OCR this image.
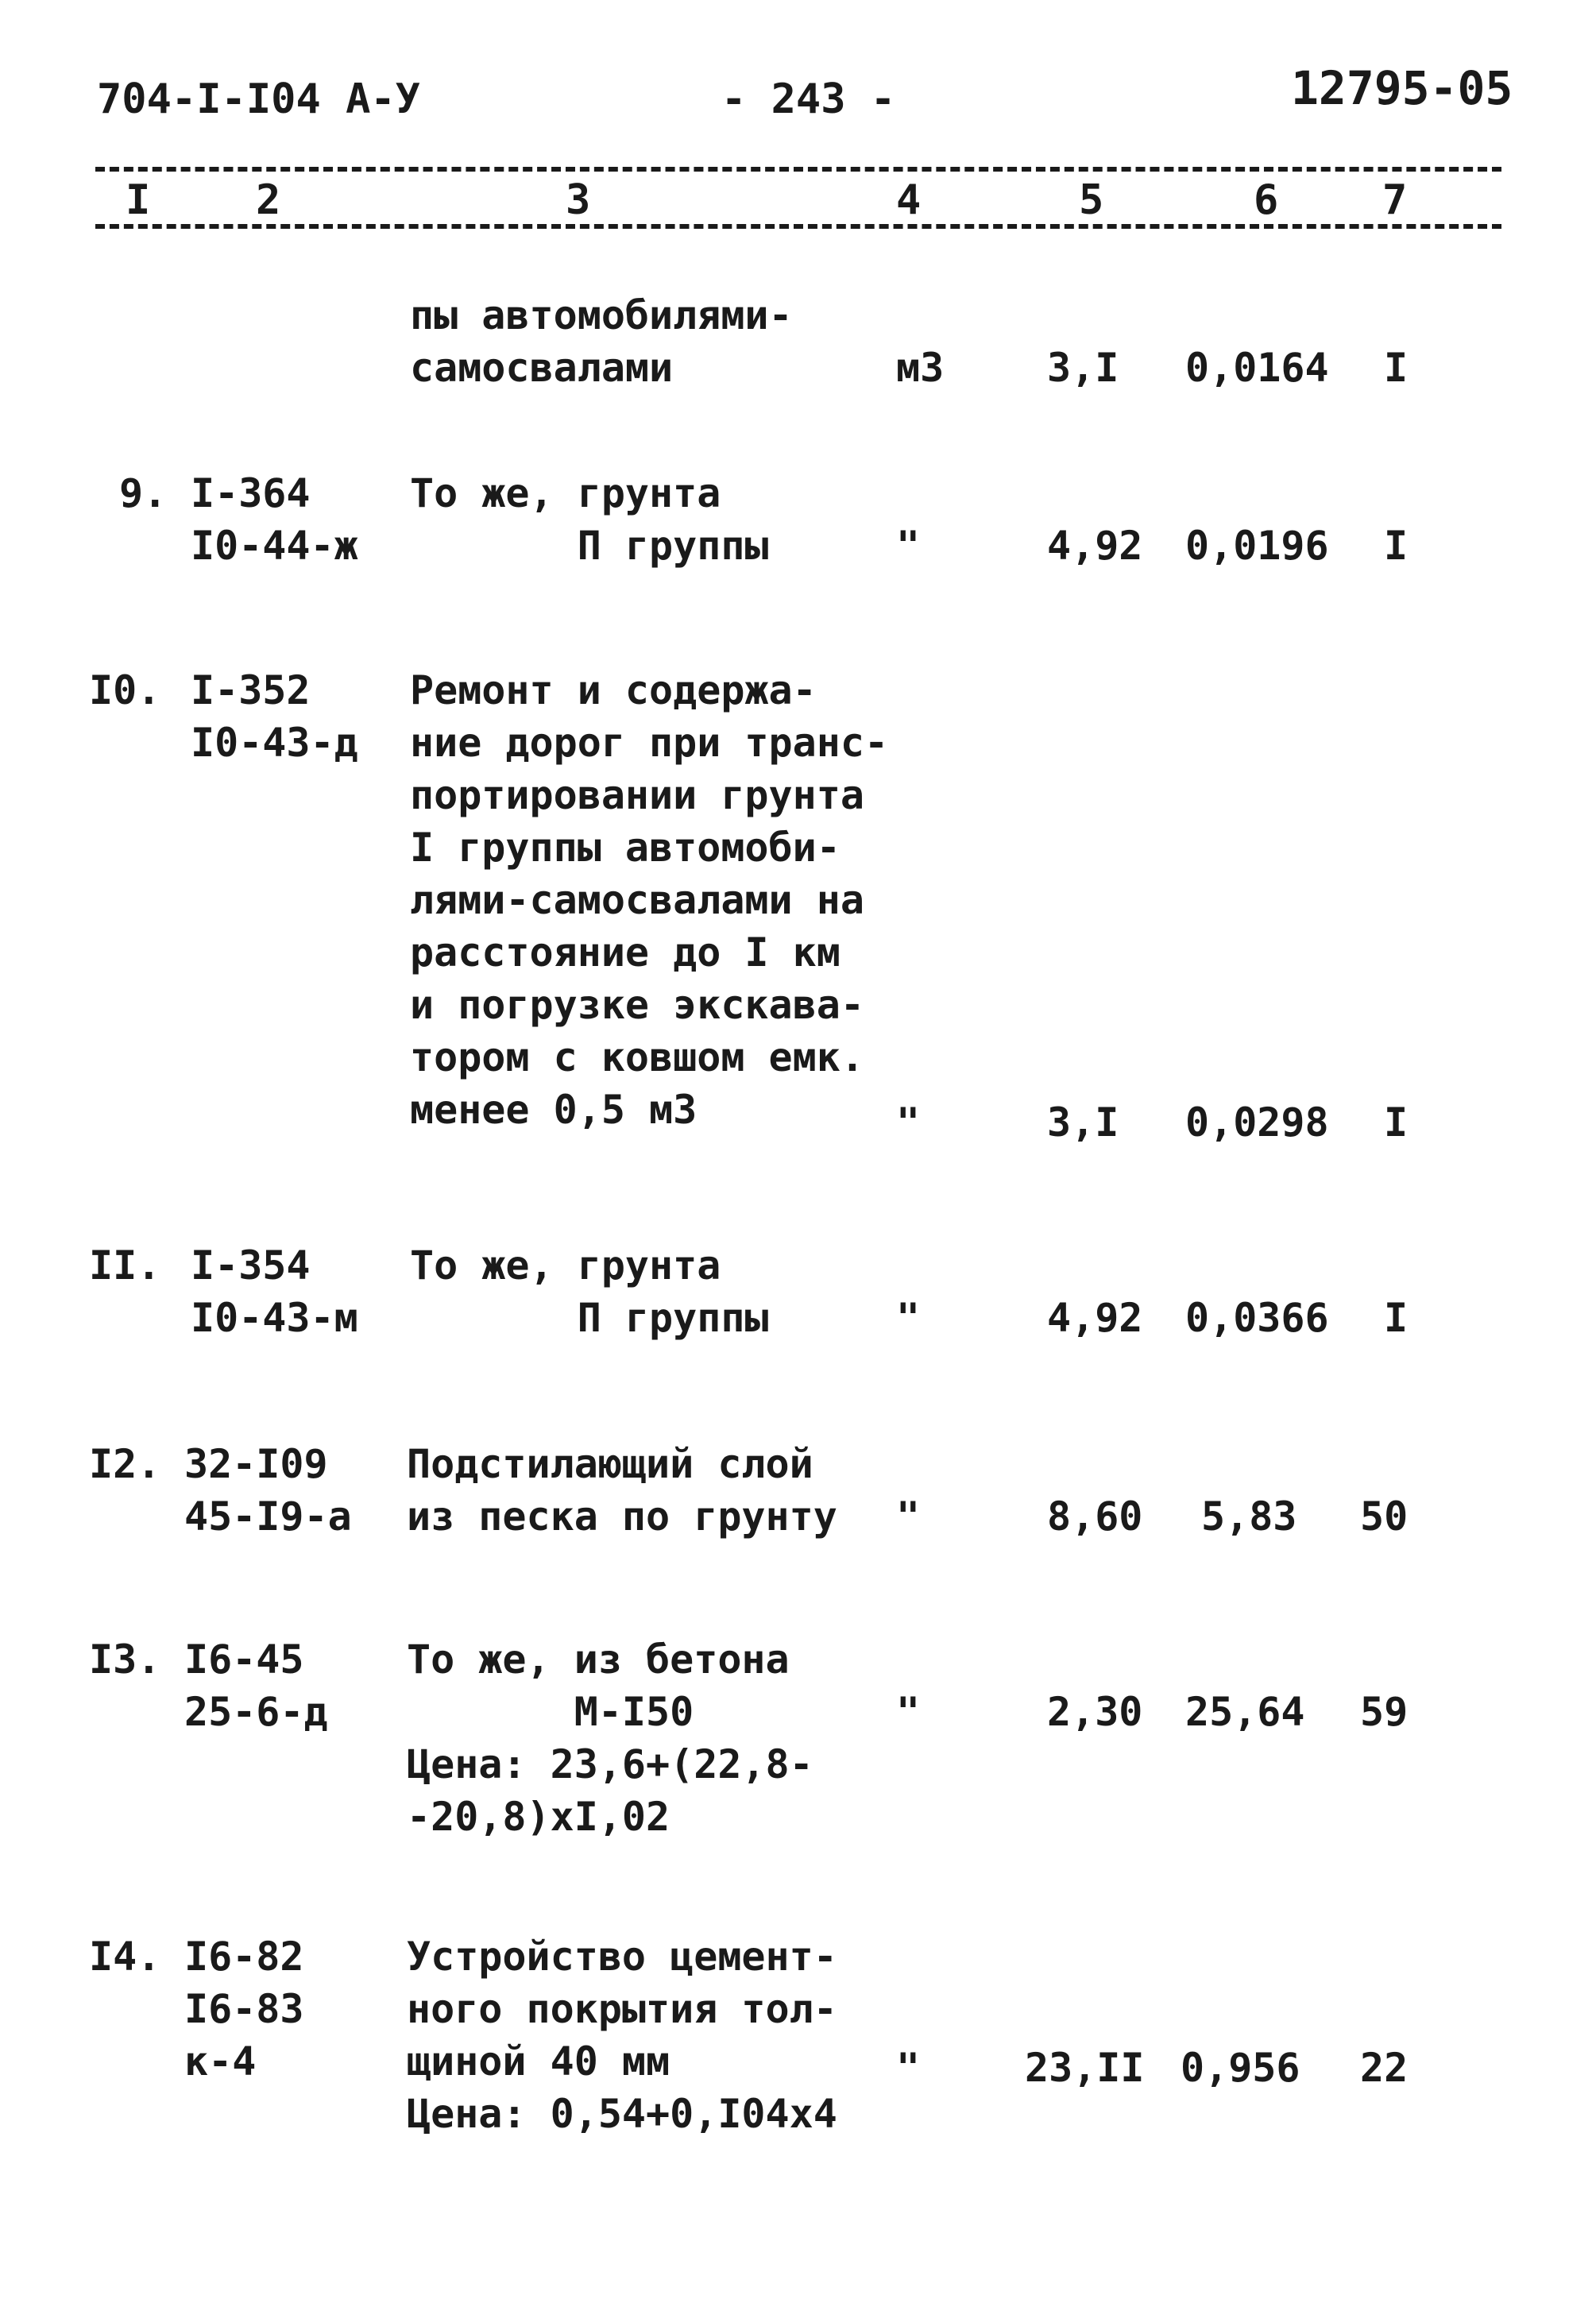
704-I-I04 А-У	- 243 -	12795-05
I	2	3	4	5	6	7
пы автомобилями-
самосвалами	м3	3,I 0,0164 I
9. I-364
I0-44-ж
То же, грунта
П группы	"	4,92 0,0196 I
I0. I-352
I0-43-д
Ремонт и содержа-
ние дорог при транс-
портировании грунта
I группы автомоби-
лями-самосвалами на
расстояние до I км
и погрузке экскава-
тором с ковшом емк.
менее 0,5 м3	"	3,I 0,0298 I
II. I-354
I0-43-м
То же, грунта
П группы	"	4,92 0,0366 I
I2. 32-I09
45-I9-а
Подстилающий слой
из песка по грунту "	8,60 5,83 50
I3. I6-45
25-6-д
То же, из бетона
М-I50
Цена: 23,6+(22,8-
-20,8)хI,02
"	2,30 25,64 59
I4. I6-82
I6-83
к-4
Устройство цемент-
ного покрытия тол-
щиной 40 мм
Цена: 0,54+0,I04х4
"	23,II 0,956 22
